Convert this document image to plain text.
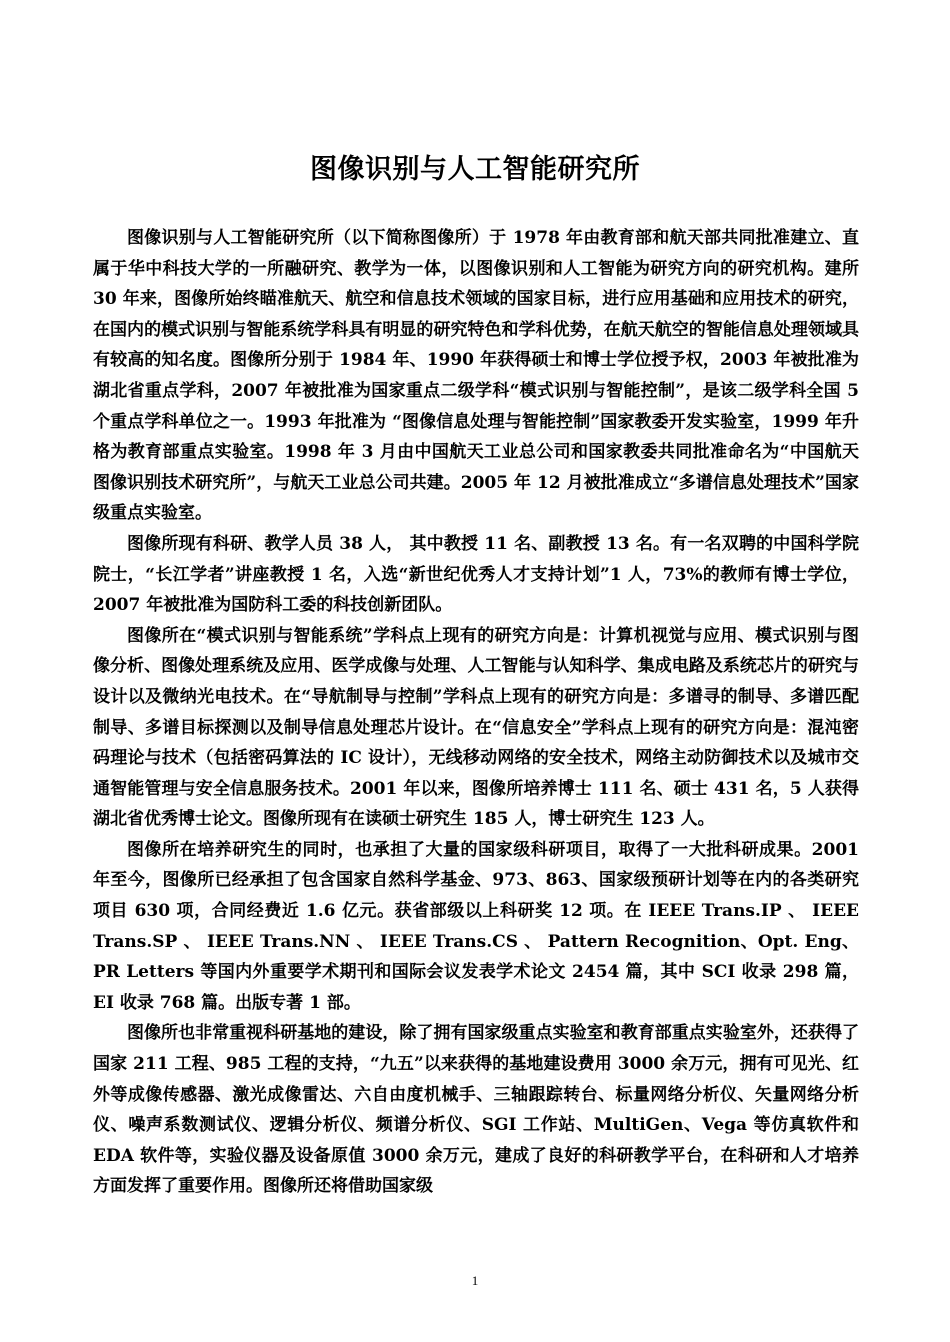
图像识别与人工智能研究所

图像识别与人工智能研究所（以下简称图像所）于 1978 年由教育部和航天部共同批准建立、直属于华中科技大学的一所融研究、教学为一体，以图像识别和人工智能为研究方向的研究机构。建所 30 年来，图像所始终瞄准航天、航空和信息技术领域的国家目标，进行应用基础和应用技术的研究，在国内的模式识别与智能系统学科具有明显的研究特色和学科优势，在航天航空的智能信息处理领域具有较高的知名度。图像所分别于 1984 年、1990 年获得硕士和博士学位授予权，2003 年被批准为湖北省重点学科，2007 年被批准为国家重点二级学科“模式识别与智能控制”，是该二级学科全国 5 个重点学科单位之一。1993 年批准为 “图像信息处理与智能控制”国家教委开发实验室，1999 年升格为教育部重点实验室。1998 年 3 月由中国航天工业总公司和国家教委共同批准命名为“中国航天图像识别技术研究所”，与航天工业总公司共建。2005 年 12 月被批准成立“多谱信息处理技术”国家级重点实验室。

图像所现有科研、教学人员 38 人， 其中教授 11 名、副教授 13 名。有一名双聘的中国科学院院士，“长江学者”讲座教授 1 名，入选“新世纪优秀人才支持计划”1 人，73%的教师有博士学位，2007 年被批准为国防科工委的科技创新团队。

图像所在“模式识别与智能系统”学科点上现有的研究方向是：计算机视觉与应用、模式识别与图像分析、图像处理系统及应用、医学成像与处理、人工智能与认知科学、集成电路及系统芯片的研究与设计以及微纳光电技术。在“导航制导与控制”学科点上现有的研究方向是：多谱寻的制导、多谱匹配制导、多谱目标探测以及制导信息处理芯片设计。在“信息安全”学科点上现有的研究方向是：混沌密码理论与技术（包括密码算法的 IC 设计），无线移动网络的安全技术，网络主动防御技术以及城市交通智能管理与安全信息服务技术。2001 年以来，图像所培养博士 111 名、硕士 431 名，5 人获得湖北省优秀博士论文。图像所现有在读硕士研究生 185 人，博士研究生 123 人。

图像所在培养研究生的同时，也承担了大量的国家级科研项目，取得了一大批科研成果。2001 年至今，图像所已经承担了包含国家自然科学基金、973、863、国家级预研计划等在内的各类研究项目 630 项，合同经费近 1.6 亿元。获省部级以上科研奖 12 项。在 IEEE Trans.IP 、 IEEE Trans.SP 、 IEEE Trans.NN 、 IEEE Trans.CS 、 Pattern Recognition、Opt. Eng、PR Letters 等国内外重要学术期刊和国际会议发表学术论文 2454 篇，其中 SCI 收录 298 篇，EI 收录 768 篇。出版专著 1 部。

图像所也非常重视科研基地的建设，除了拥有国家级重点实验室和教育部重点实验室外，还获得了国家 211 工程、985 工程的支持，“九五”以来获得的基地建设费用 3000 余万元，拥有可见光、红外等成像传感器、激光成像雷达、六自由度机械手、三轴跟踪转台、标量网络分析仪、矢量网络分析仪、噪声系数测试仪、逻辑分析仪、频谱分析仪、SGI 工作站、MultiGen、Vega 等仿真软件和 EDA 软件等，实验仪器及设备原值 3000 余万元，建成了良好的科研教学平台，在科研和人才培养方面发挥了重要作用。图像所还将借助国家级

1
